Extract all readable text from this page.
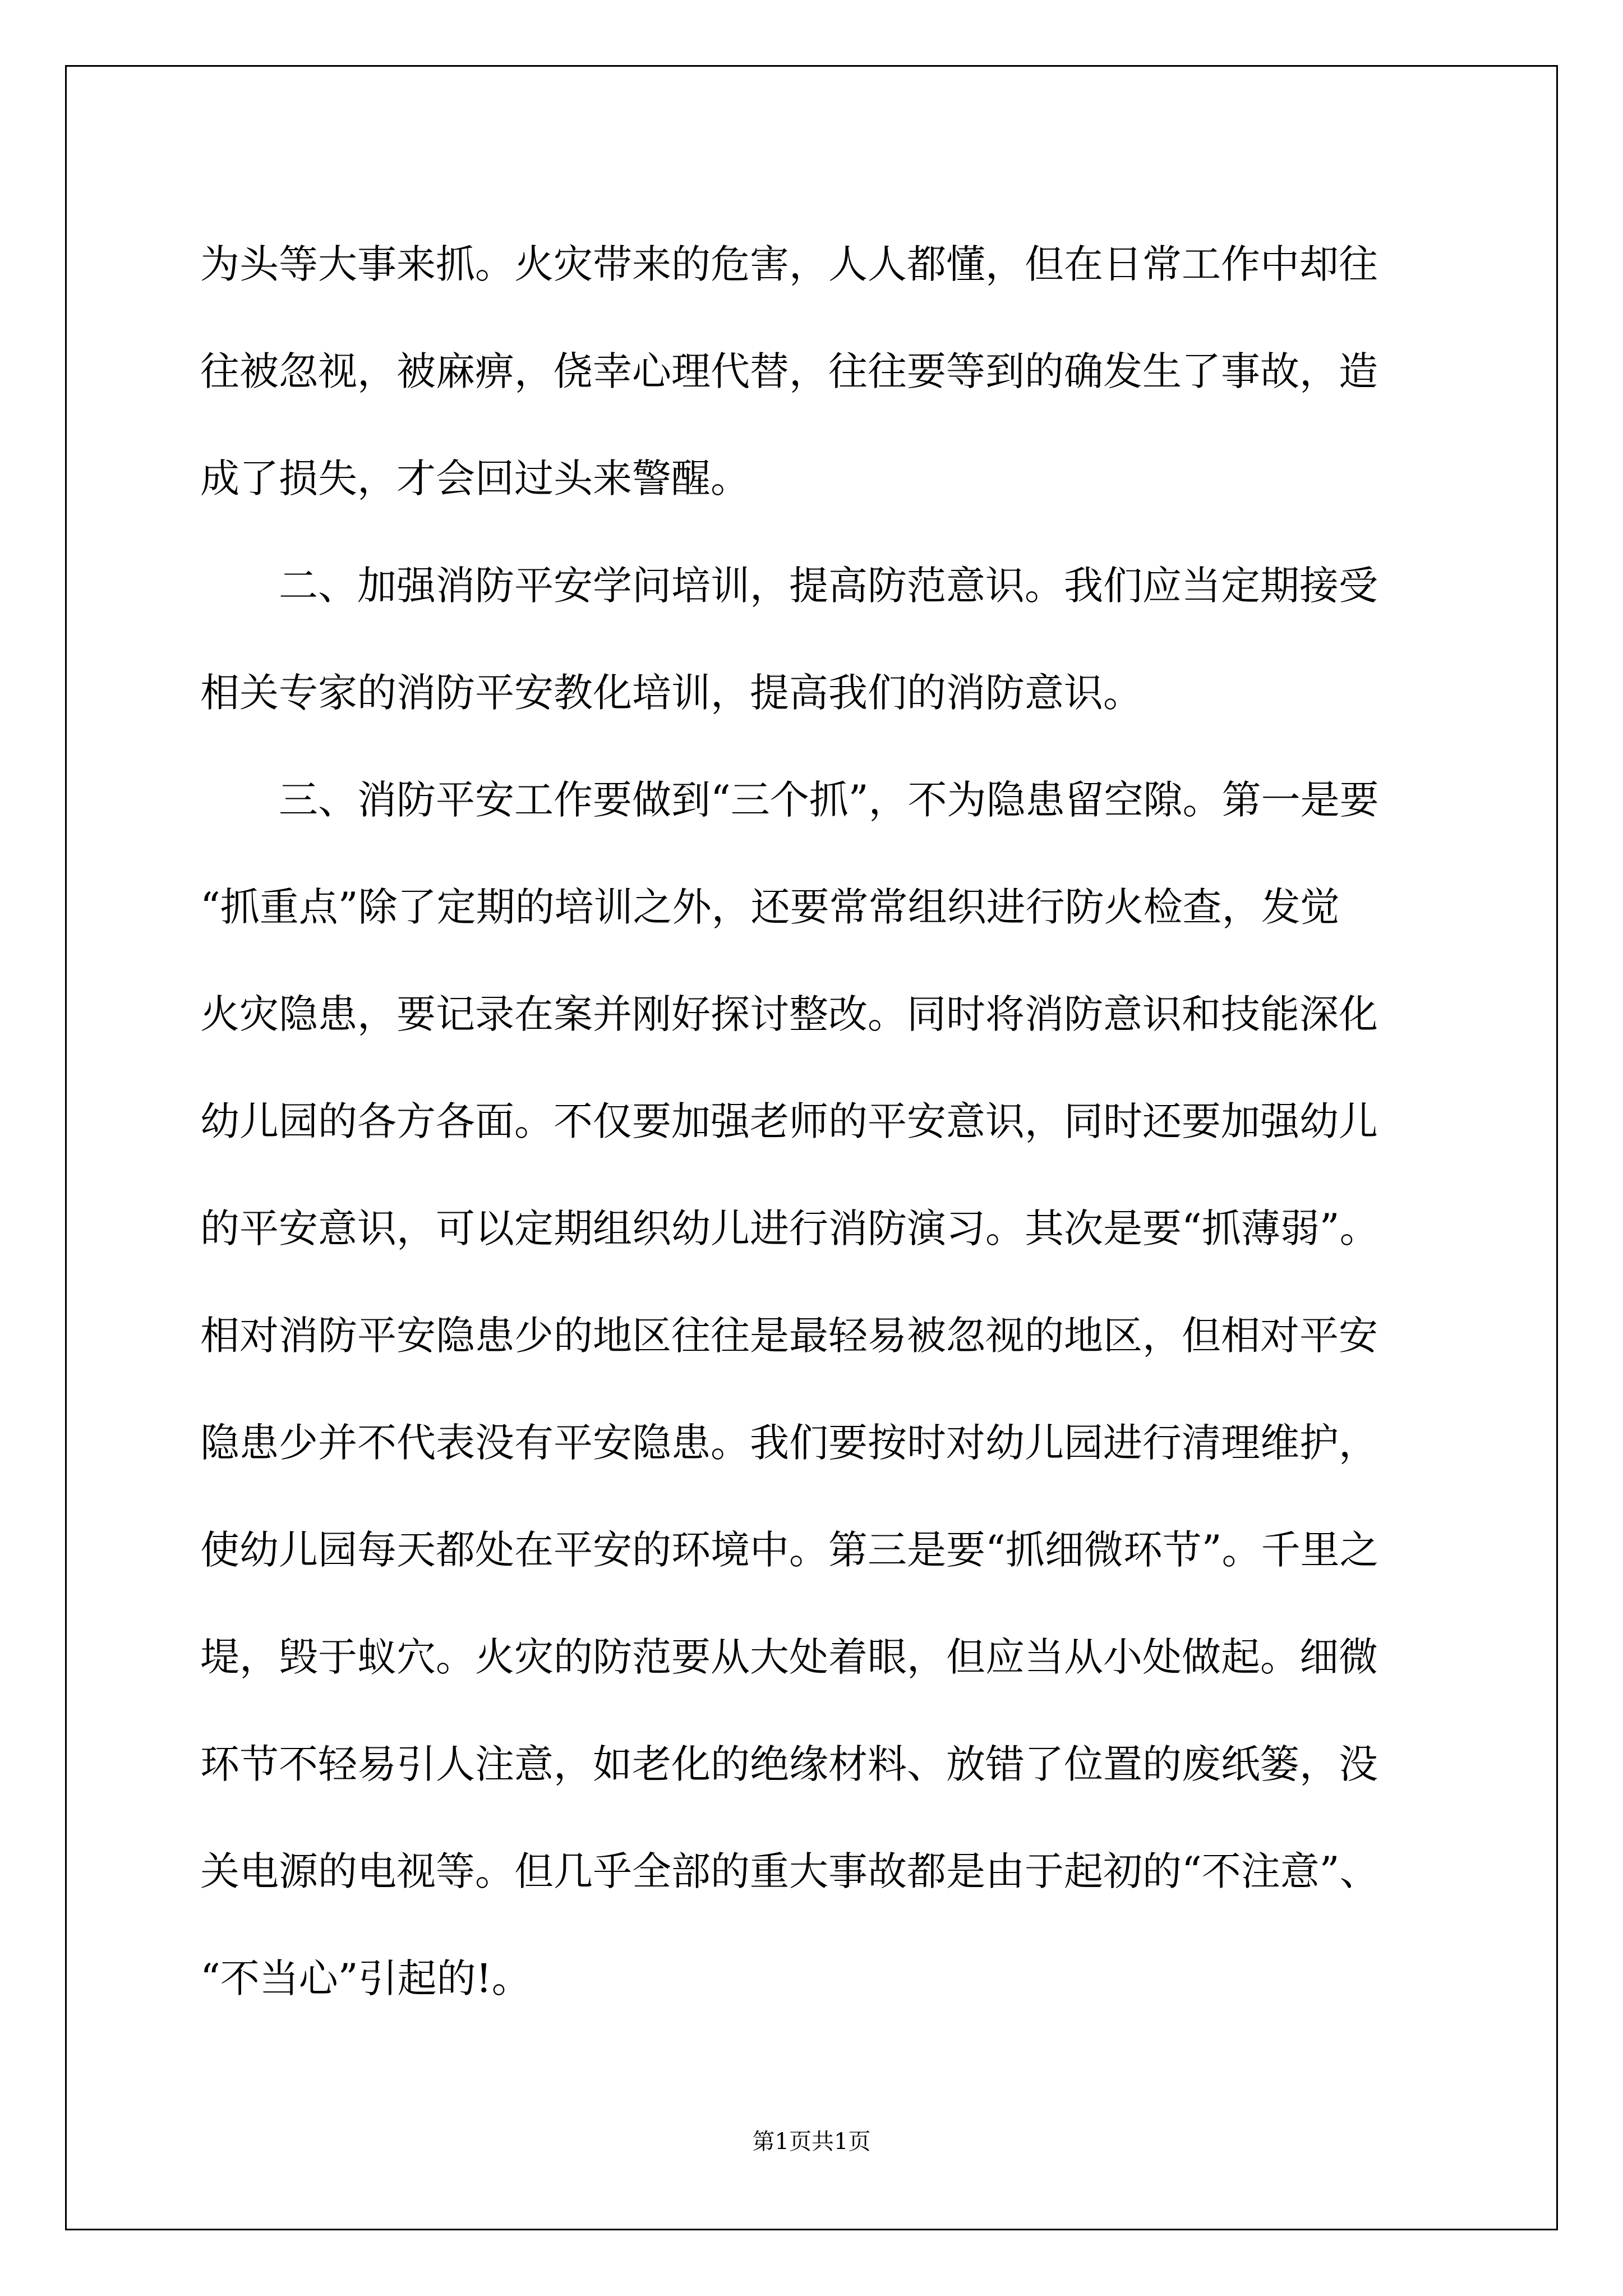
为头等大事来抓。火灾带来的危害，人人都懂，但在日常工作中却往
往被忽视，被麻痹，侥幸心理代替，往往要等到的确发生了事故，造
成了损失，才会回过头来警醒。
　　二、加强消防平安学问培训，提高防范意识。我们应当定期接受
相关专家的消防平安教化培训，提高我们的消防意识。
　　三、消防平安工作要做到“三个抓”，不为隐患留空隙。第一是要
“抓重点”除了定期的培训之外，还要常常组织进行防火检查，发觉
火灾隐患，要记录在案并刚好探讨整改。同时将消防意识和技能深化
幼儿园的各方各面。不仅要加强老师的平安意识，同时还要加强幼儿
的平安意识，可以定期组织幼儿进行消防演习。其次是要“抓薄弱”。
相对消防平安隐患少的地区往往是最轻易被忽视的地区，但相对平安
隐患少并不代表没有平安隐患。我们要按时对幼儿园进行清理维护，
使幼儿园每天都处在平安的环境中。第三是要“抓细微环节”。千里之
堤，毁于蚁穴。火灾的防范要从大处着眼，但应当从小处做起。细微
环节不轻易引人注意，如老化的绝缘材料、放错了位置的废纸篓，没
关电源的电视等。但几乎全部的重大事故都是由于起初的“不注意”、
“不当心”引起的!。
第1页共1页
